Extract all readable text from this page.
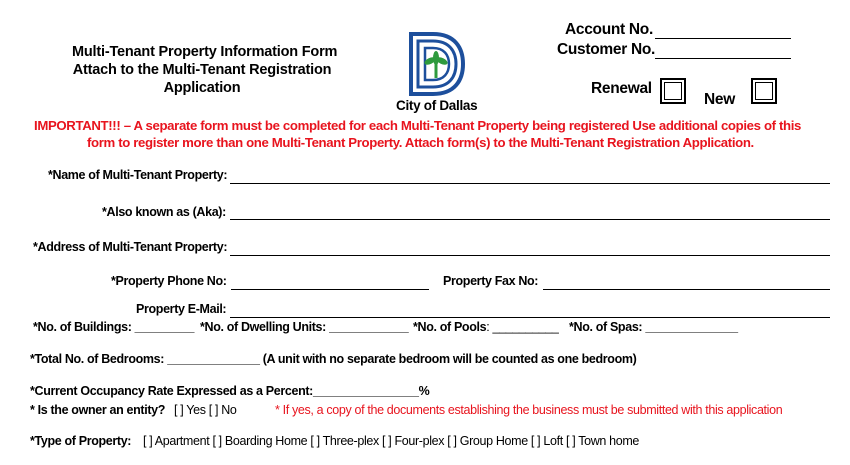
Multi-Tenant Property Information Form
Attach to the Multi-Tenant Registration
Application
City of Dallas
Account No.
Customer No.
Renewal
New
IMPORTANT!!! – A separate form must be completed for each Multi-Tenant Property being registered Use additional copies of this
form to register more than one Multi-Tenant Property. Attach form(s) to the Multi-Tenant Registration Application.
*Name of Multi-Tenant Property:
*Also known as (Aka):
*Address of Multi-Tenant Property:
*Property Phone No:	Property Fax No:
Property E-Mail:
*No. of Buildings: _________ *No. of Dwelling Units: ____________ *No. of Pools: __________ *No. of Spas: ______________
*Total No. of Bedrooms: ______________ (A unit with no separate bedroom will be counted as one bedroom)
*Current Occupancy Rate Expressed as a Percent:________________%
* Is the owner an entity? [ ] Yes [ ] No	* If yes, a copy of the documents establishing the business must be submitted with this application
*Type of Property: [ ] Apartment [ ] Boarding Home [ ] Three-plex [ ] Four-plex [ ] Group Home [ ] Loft [ ] Town home
